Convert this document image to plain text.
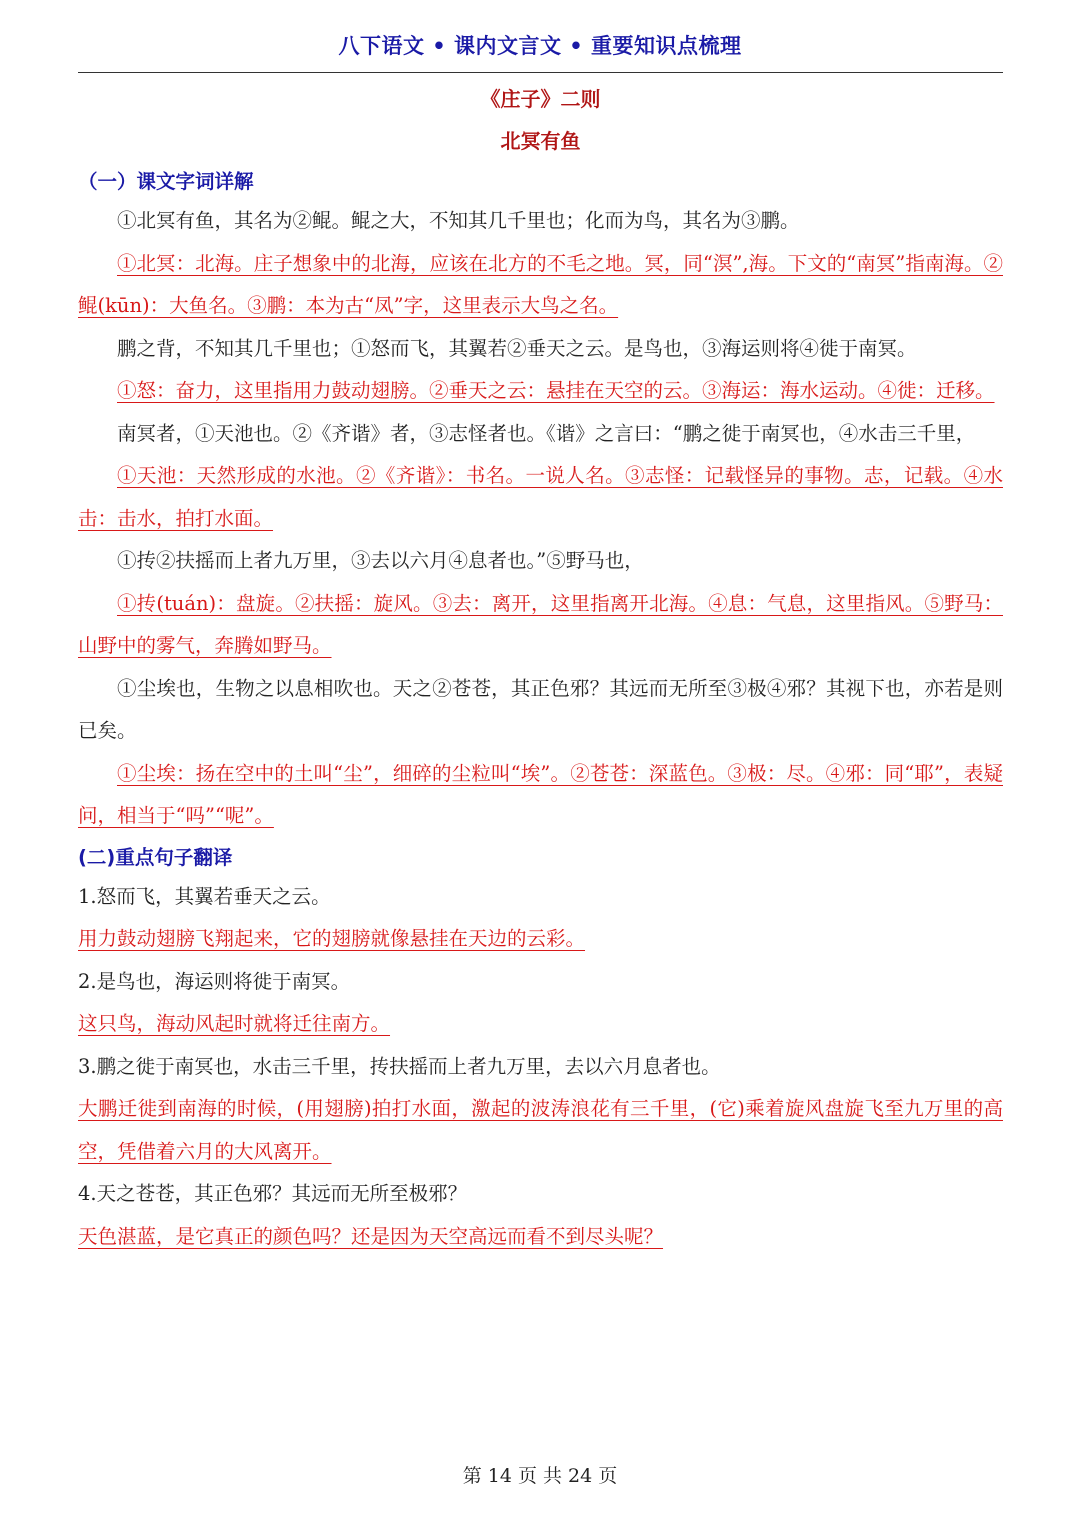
八下语文 • 课内文言文 • 重要知识点梳理
《庄子》二则
北冥有鱼
（一）课文字词详解

①北冥有鱼，其名为②鲲。鲲之大，不知其几千里也；化而为鸟，其名为③鹏。

①北冥：北海。庄子想象中的北海，应该在北方的不毛之地。冥，同“溟”,海。下文的“南冥”指南海。②鲲(kūn)：大鱼名。③鹏：本为古“凤”字，这里表示大鸟之名。

鹏之背，不知其几千里也；①怒而飞，其翼若②垂天之云。是鸟也，③海运则将④徙于南冥。

①怒：奋力，这里指用力鼓动翅膀。②垂天之云：悬挂在天空的云。③海运：海水运动。④徙：迁移。

南冥者，①天池也。②《齐谐》者，③志怪者也。《谐》之言曰：“鹏之徙于南冥也，④水击三千里，

①天池：天然形成的水池。②《齐谐》：书名。一说人名。③志怪：记载怪异的事物。志，记载。④水击：击水，拍打水面。

①抟②扶摇而上者九万里，③去以六月④息者也。”⑤野马也，

①抟(tuán)：盘旋。②扶摇：旋风。③去：离开，这里指离开北海。④息：气息，这里指风。⑤野马：山野中的雾气，奔腾如野马。

①尘埃也，生物之以息相吹也。天之②苍苍，其正色邪？其远而无所至③极④邪？其视下也，亦若是则已矣。

①尘埃：扬在空中的土叫“尘”，细碎的尘粒叫“埃”。②苍苍：深蓝色。③极：尽。④邪：同“耶”，表疑问，相当于“吗”“呢”。

(二)重点句子翻译

1.怒而飞，其翼若垂天之云。

用力鼓动翅膀飞翔起来，它的翅膀就像悬挂在天边的云彩。

2.是鸟也，海运则将徙于南冥。

这只鸟，海动风起时就将迁往南方。

3.鹏之徙于南冥也，水击三千里，抟扶摇而上者九万里，去以六月息者也。

大鹏迁徙到南海的时候，(用翅膀)拍打水面，激起的波涛浪花有三千里，(它)乘着旋风盘旋飞至九万里的高空，凭借着六月的大风离开。

4.天之苍苍，其正色邪？其远而无所至极邪？

天色湛蓝，是它真正的颜色吗？还是因为天空高远而看不到尽头呢？

第 14 页 共 24 页
